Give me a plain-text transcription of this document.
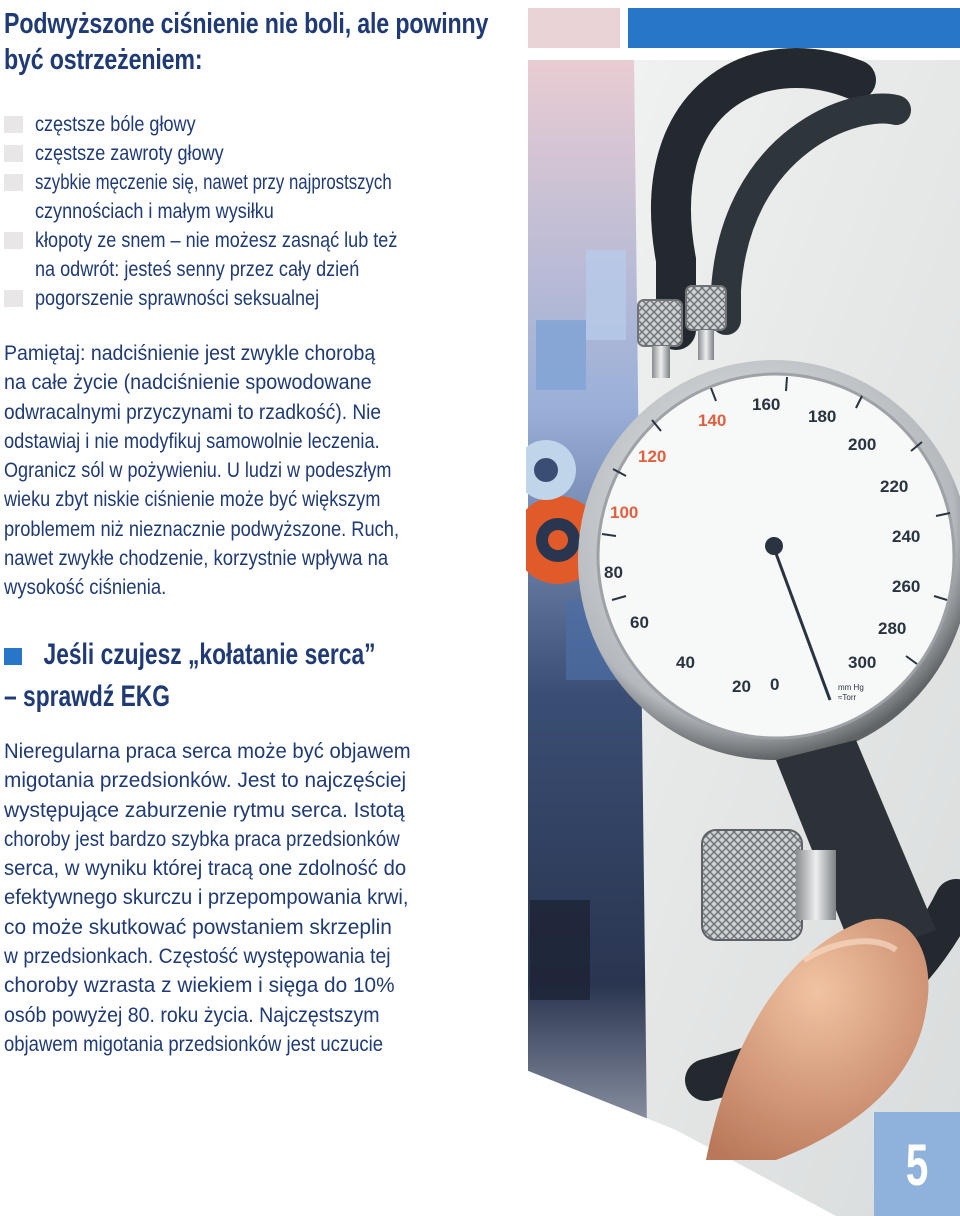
Podwyższone ciśnienie nie boli, ale powinny
być ostrzeżeniem:
częstsze bóle głowy
częstsze zawroty głowy
szybkie męczenie się, nawet przy najprostszych
czynnościach i małym wysiłku
kłopoty ze snem – nie możesz zasnąć lub też
na odwrót: jesteś senny przez cały dzień
pogorszenie sprawności seksualnej
Pamiętaj: nadciśnienie jest zwykle chorobą
na całe życie (nadciśnienie spowodowane
odwracalnymi przyczynami to rzadkość). Nie
odstawiaj i nie modyfikuj samowolnie leczenia.
Ogranicz sól w pożywieniu. U ludzi w podeszłym
wieku zbyt niskie ciśnienie może być większym
problemem niż nieznacznie podwyższone. Ruch,
nawet zwykłe chodzenie, korzystnie wpływa na
wysokość ciśnienia.
Jeśli czujesz „kołatanie serca”
– sprawdź EKG
Nieregularna praca serca może być objawem
migotania przedsionków. Jest to najczęściej
występujące zaburzenie rytmu serca. Istotą
choroby jest bardzo szybka praca przedsionków
serca, w wyniku której tracą one zdolność do
efektywnego skurczu i przepompowania krwi,
co może skutkować powstaniem skrzeplin
w przedsionkach. Częstość występowania tej
choroby wzrasta z wiekiem i sięga do 10%
osób powyżej 80. roku życia. Najczęstszym
objawem migotania przedsionków jest uczucie
0
20
40
60
80
100
120
140
160
180
200
220
240
260
280
300
mm Hg
≈Torr
5
